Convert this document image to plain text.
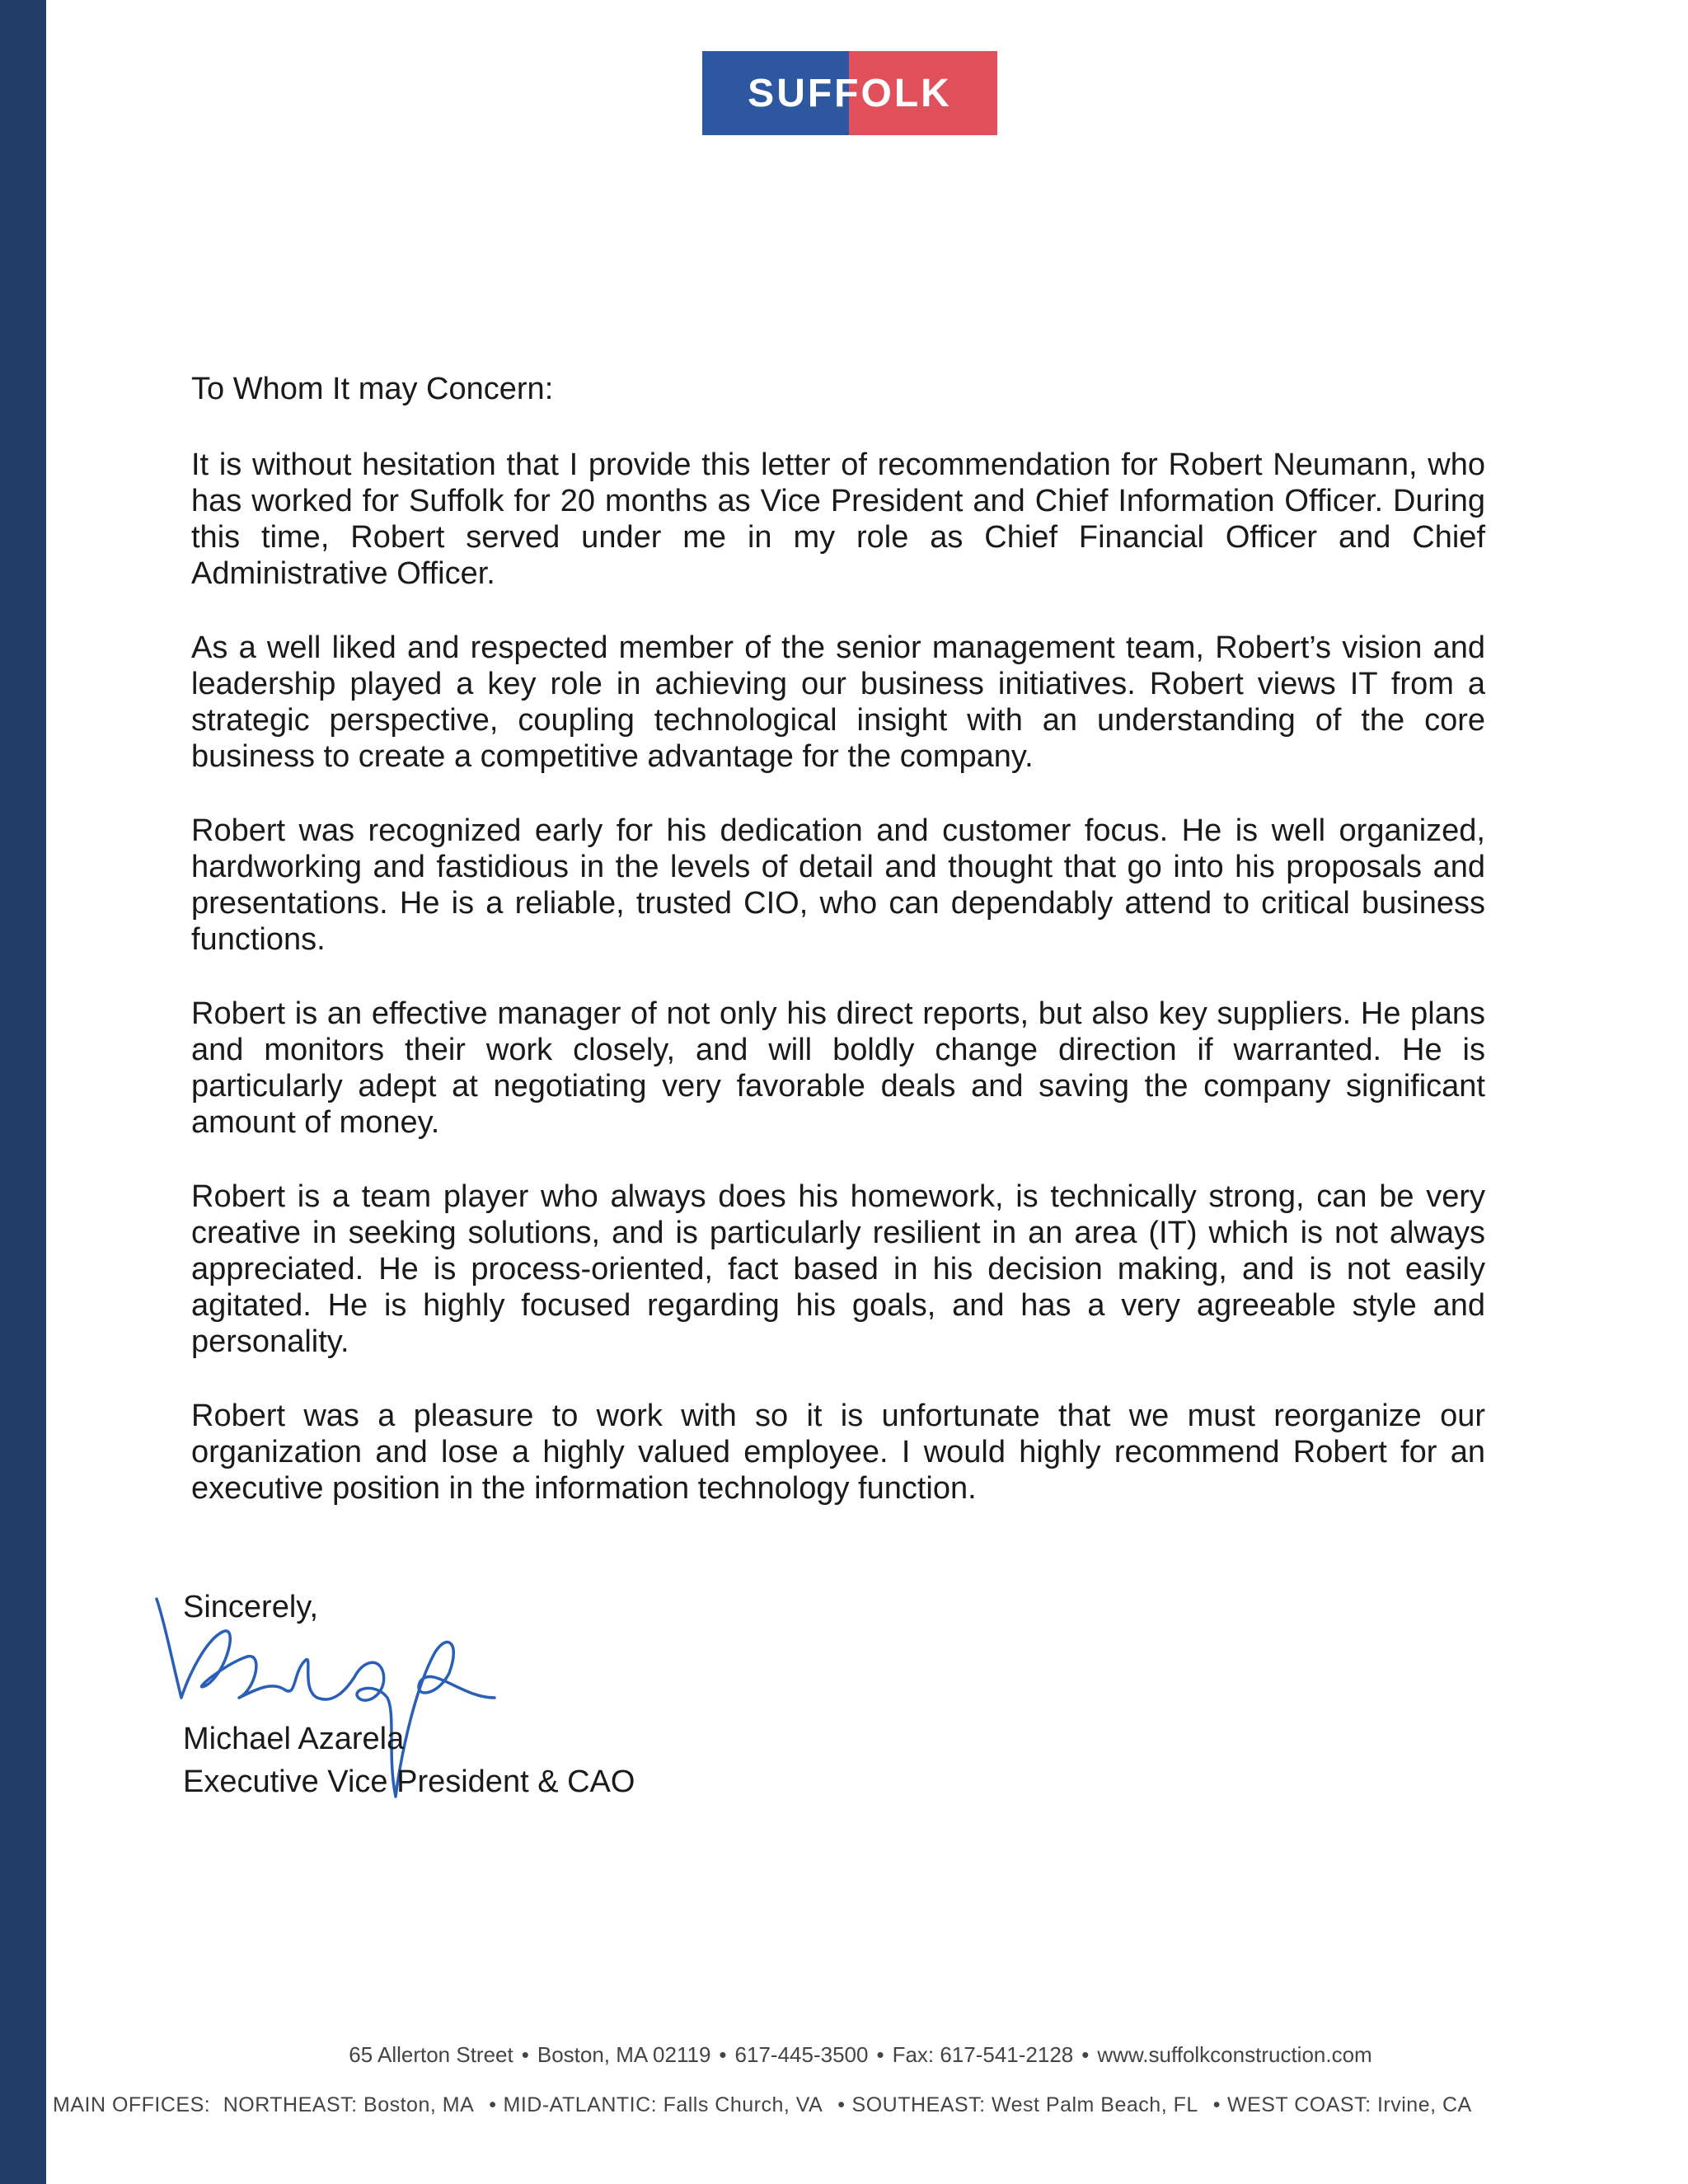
SUFFOLK

To Whom It may Concern:

It is without hesitation that I provide this letter of recommendation for Robert Neumann, who has worked for Suffolk for 20 months as Vice President and Chief Information Officer. During this time, Robert served under me in my role as Chief Financial Officer and Chief Administrative Officer.

As a well liked and respected member of the senior management team, Robert’s vision and leadership played a key role in achieving our business initiatives. Robert views IT from a strategic perspective, coupling technological insight with an understanding of the core business to create a competitive advantage for the company.

Robert was recognized early for his dedication and customer focus. He is well organized, hardworking and fastidious in the levels of detail and thought that go into his proposals and presentations. He is a reliable, trusted CIO, who can dependably attend to critical business functions.

Robert is an effective manager of not only his direct reports, but also key suppliers. He plans and monitors their work closely, and will boldly change direction if warranted. He is particularly adept at negotiating very favorable deals and saving the company significant amount of money.

Robert is a team player who always does his homework, is technically strong, can be very creative in seeking solutions, and is particularly resilient in an area (IT) which is not always appreciated. He is process-oriented, fact based in his decision making, and is not easily agitated. He is highly focused regarding his goals, and has a very agreeable style and personality.

Robert was a pleasure to work with so it is unfortunate that we must reorganize our organization and lose a highly valued employee. I would highly recommend Robert for an executive position in the information technology function.

Sincerely,
Michael Azarela
Executive Vice President & CAO
65 Allerton Street • Boston, MA 02119 • 617-445-3500 • Fax: 617-541-2128 • www.suffolkconstruction.com
MAIN OFFICES: NORTHEAST: Boston, MA • MID-ATLANTIC: Falls Church, VA • SOUTHEAST: West Palm Beach, FL • WEST COAST: Irvine, CA
